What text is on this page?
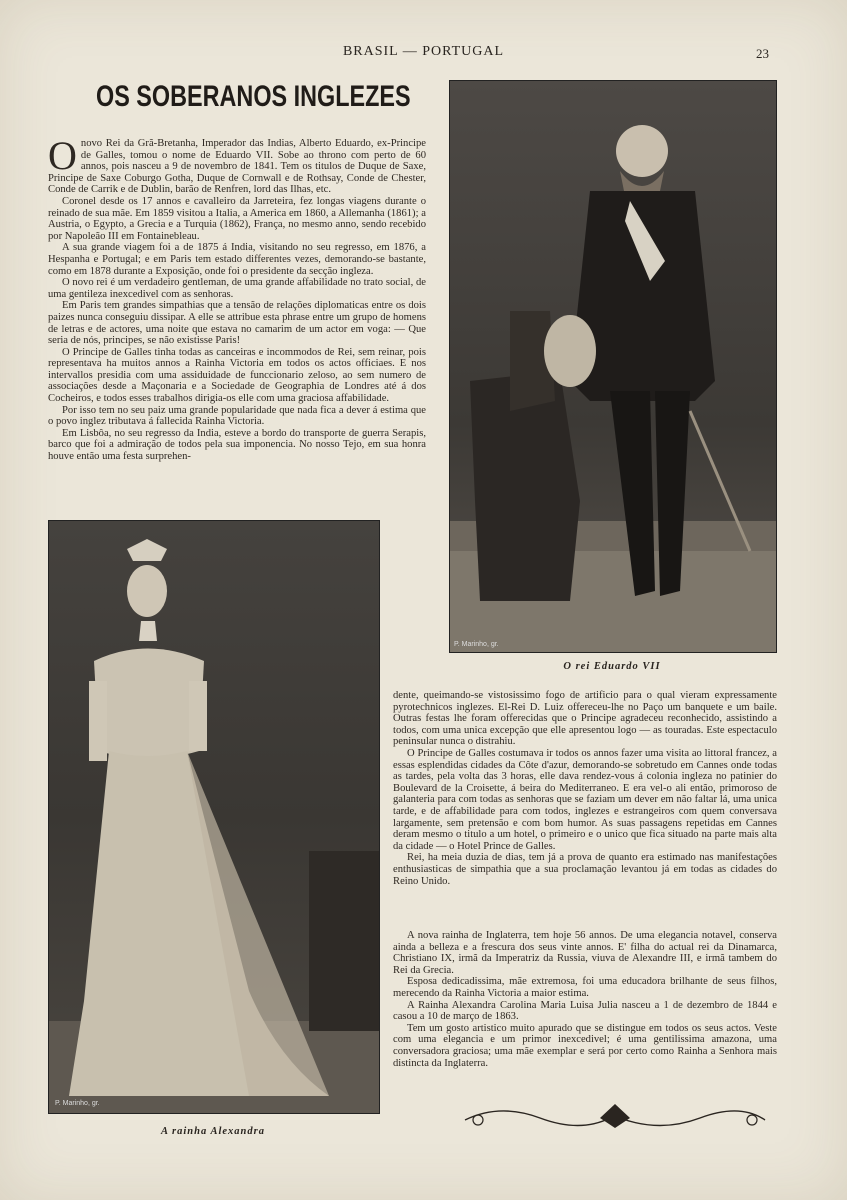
BRASIL — PORTUGAL	23
OS SOBERANOS INGLEZES

Onovo Rei da Grã-Bretanha, Imperador das Indias, Alberto Eduardo, ex-Principe de Galles, tomou o nome de Eduardo VII. Sobe ao throno com perto de 60 annos, pois nasceu a 9 de novembro de 1841. Tem os titulos de Duque de Saxe, Principe de Saxe Coburgo Gotha, Duque de Cornwall e de Rothsay, Conde de Chester, Conde de Carrik e de Dublin, barão de Renfren, lord das Ilhas, etc.

Coronel desde os 17 annos e cavalleiro da Jarreteira, fez longas viagens durante o reinado de sua mãe. Em 1859 visitou a Italia, a America em 1860, a Allemanha (1861); a Austria, o Egypto, a Grecia e a Turquia (1862), França, no mesmo anno, sendo recebido por Napoleão III em Fontainebleau.

A sua grande viagem foi a de 1875 á India, visitando no seu regresso, em 1876, a Hespanha e Portugal; e em Paris tem estado differentes vezes, demorando-se bastante, como em 1878 durante a Exposição, onde foi o presidente da secção ingleza.

O novo rei é um verdadeiro gentleman, de uma grande affabilidade no trato social, de uma gentileza inexcedivel com as senhoras.

Em Paris tem grandes simpathias que a tensão de relações diplomaticas entre os dois paizes nunca conseguiu dissipar. A elle se attribue esta phrase entre um grupo de homens de letras e de actores, uma noite que estava no camarim de um actor em voga: — Que seria de nós, principes, se não existisse Paris!

O Principe de Galles tinha todas as canceiras e incommodos de Rei, sem reinar, pois representava ha muitos annos a Rainha Victoria em todos os actos officiaes. E nos intervallos presidia com uma assiduidade de funccionario zeloso, ao sem numero de associações desde a Maçonaria e a Sociedade de Geographia de Londres até á dos Cocheiros, e todos esses trabalhos dirigia-os elle com uma graciosa affabilidade.

Por isso tem no seu paiz uma grande popularidade que nada fica a dever á estima que o povo inglez tributava á fallecida Rainha Victoria.

Em Lisbôa, no seu regresso da India, esteve a bordo do transporte de guerra Serapis, barco que foi a admiração de todos pela sua imponencia. No nosso Tejo, em sua honra houve então uma festa surprehen-

P. Marinho, gr.
O rei Eduardo VII
P. Marinho, gr.
A rainha Alexandra

dente, queimando-se vistosissimo fogo de artificio para o qual vieram expressamente pyrotechnicos inglezes. El-Rei D. Luiz offereceu-lhe no Paço um banquete e um baile. Outras festas lhe foram offerecidas que o Principe agradeceu reconhecido, assistindo a todos, com uma unica excepção que elle apresentou logo — as touradas. Este espectaculo peninsular nunca o distrahiu.

O Principe de Galles costumava ir todos os annos fazer uma visita ao littoral francez, a essas esplendidas cidades da Côte d'azur, demorando-se sobretudo em Cannes onde todas as tardes, pela volta das 3 horas, elle dava rendez-vous á colonia ingleza no patinier do Boulevard de la Croisette, á beira do Mediterraneo. E era vel-o ali então, primoroso de galanteria para com todas as senhoras que se faziam um dever em não faltar lá, uma unica tarde, e de affabilidade para com todos, inglezes e estrangeiros com quem conversava largamente, sem pretensão e com bom humor. As suas passagens repetidas em Cannes deram mesmo o titulo a um hotel, o primeiro e o unico que fica situado na parte mais alta da cidade — o Hotel Prince de Galles.

Rei, ha meia duzia de dias, tem já a prova de quanto era estimado nas manifestações enthusiasticas de simpathia que a sua proclamação levantou já em todas as cidades do Reino Unido.

A nova rainha de Inglaterra, tem hoje 56 annos. De uma elegancia notavel, conserva ainda a belleza e a frescura dos seus vinte annos. E' filha do actual rei da Dinamarca, Christiano IX, irmã da Imperatriz da Russia, viuva de Alexandre III, e irmã tambem do Rei da Grecia.

Esposa dedicadissima, mãe extremosa, foi uma educadora brilhante de seus filhos, merecendo da Rainha Victoria a maior estima.

A Rainha Alexandra Carolina Maria Luisa Julia nasceu a 1 de dezembro de 1844 e casou a 10 de março de 1863.

Tem um gosto artistico muito apurado que se distingue em todos os seus actos. Veste com uma elegancia e um primor inexcedivel; é uma gentilissima amazona, uma conversadora graciosa; uma mãe exemplar e será por certo como Rainha a Senhora mais distincta da Inglaterra.
